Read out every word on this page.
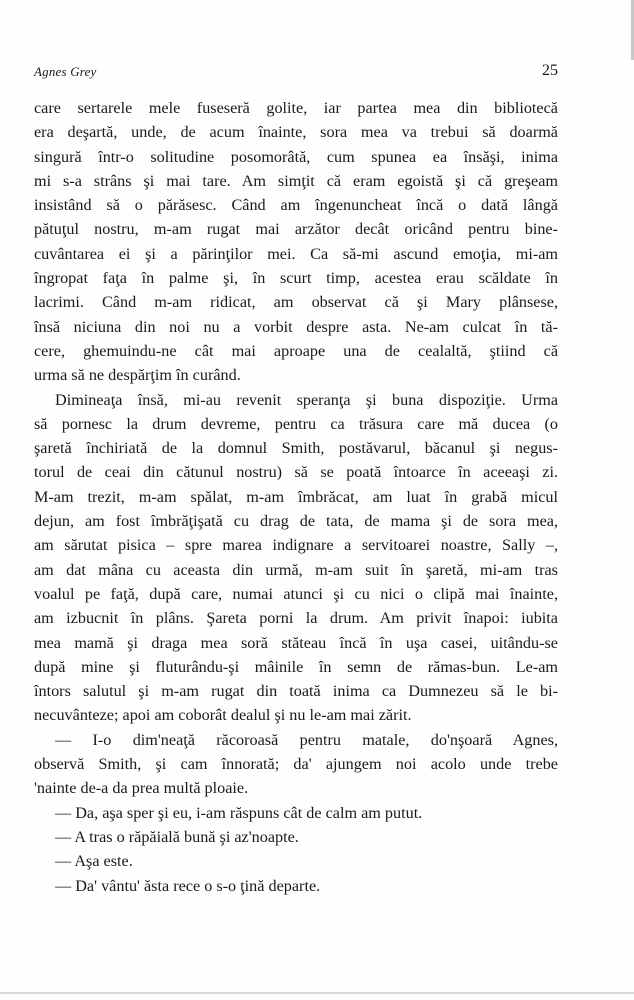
Agnes Grey	25

care sertarele mele fuseseră golite, iar partea mea din bibliotecă

era deşartă, unde, de acum înainte, sora mea va trebui să doarmă

singură într-o solitudine posomorâtă, cum spunea ea însăşi, inima

mi s-a strâns şi mai tare. Am simţit că eram egoistă şi că greşeam

insistând să o părăsesc. Când am îngenuncheat încă o dată lângă

pătuţul nostru, m-am rugat mai arzător decât oricând pentru bine-

cuvântarea ei şi a părinţilor mei. Ca să-mi ascund emoţia, mi-am

îngropat faţa în palme şi, în scurt timp, acestea erau scăldate în

lacrimi. Când m-am ridicat, am observat că şi Mary plânsese,

însă niciuna din noi nu a vorbit despre asta. Ne-am culcat în tă-

cere, ghemuindu-ne cât mai aproape una de cealaltă, ştiind că

urma să ne despărţim în curând.

Dimineaţa însă, mi-au revenit speranţa şi buna dispoziţie. Urma

să pornesc la drum devreme, pentru ca trăsura care mă ducea (o

şaretă închiriată de la domnul Smith, postăvarul, băcanul şi negus-

torul de ceai din cătunul nostru) să se poată întoarce în aceeaşi zi.

M-am trezit, m-am spălat, m-am îmbrăcat, am luat în grabă micul

dejun, am fost îmbrăţişată cu drag de tata, de mama şi de sora mea,

am sărutat pisica – spre marea indignare a servitoarei noastre, Sally –,

am dat mâna cu aceasta din urmă, m-am suit în şaretă, mi-am tras

voalul pe faţă, după care, numai atunci şi cu nici o clipă mai înainte,

am izbucnit în plâns. Şareta porni la drum. Am privit înapoi: iubita

mea mamă şi draga mea soră stăteau încă în uşa casei, uitându-se

după mine şi fluturându-şi mâinile în semn de rămas-bun. Le-am

întors salutul şi m-am rugat din toată inima ca Dumnezeu să le bi-

necuvânteze; apoi am coborât dealul şi nu le-am mai zărit.

— I-o dim'neaţă răcoroasă pentru matale, do'nşoară Agnes,

observă Smith, şi cam înnorată; da' ajungem noi acolo unde trebe

'nainte de-a da prea multă ploaie.

— Da, aşa sper şi eu, i-am răspuns cât de calm am putut.

— A tras o răpăială bună şi az'noapte.

— Aşa este.

— Da' vântu' ăsta rece o s-o ţină departe.
